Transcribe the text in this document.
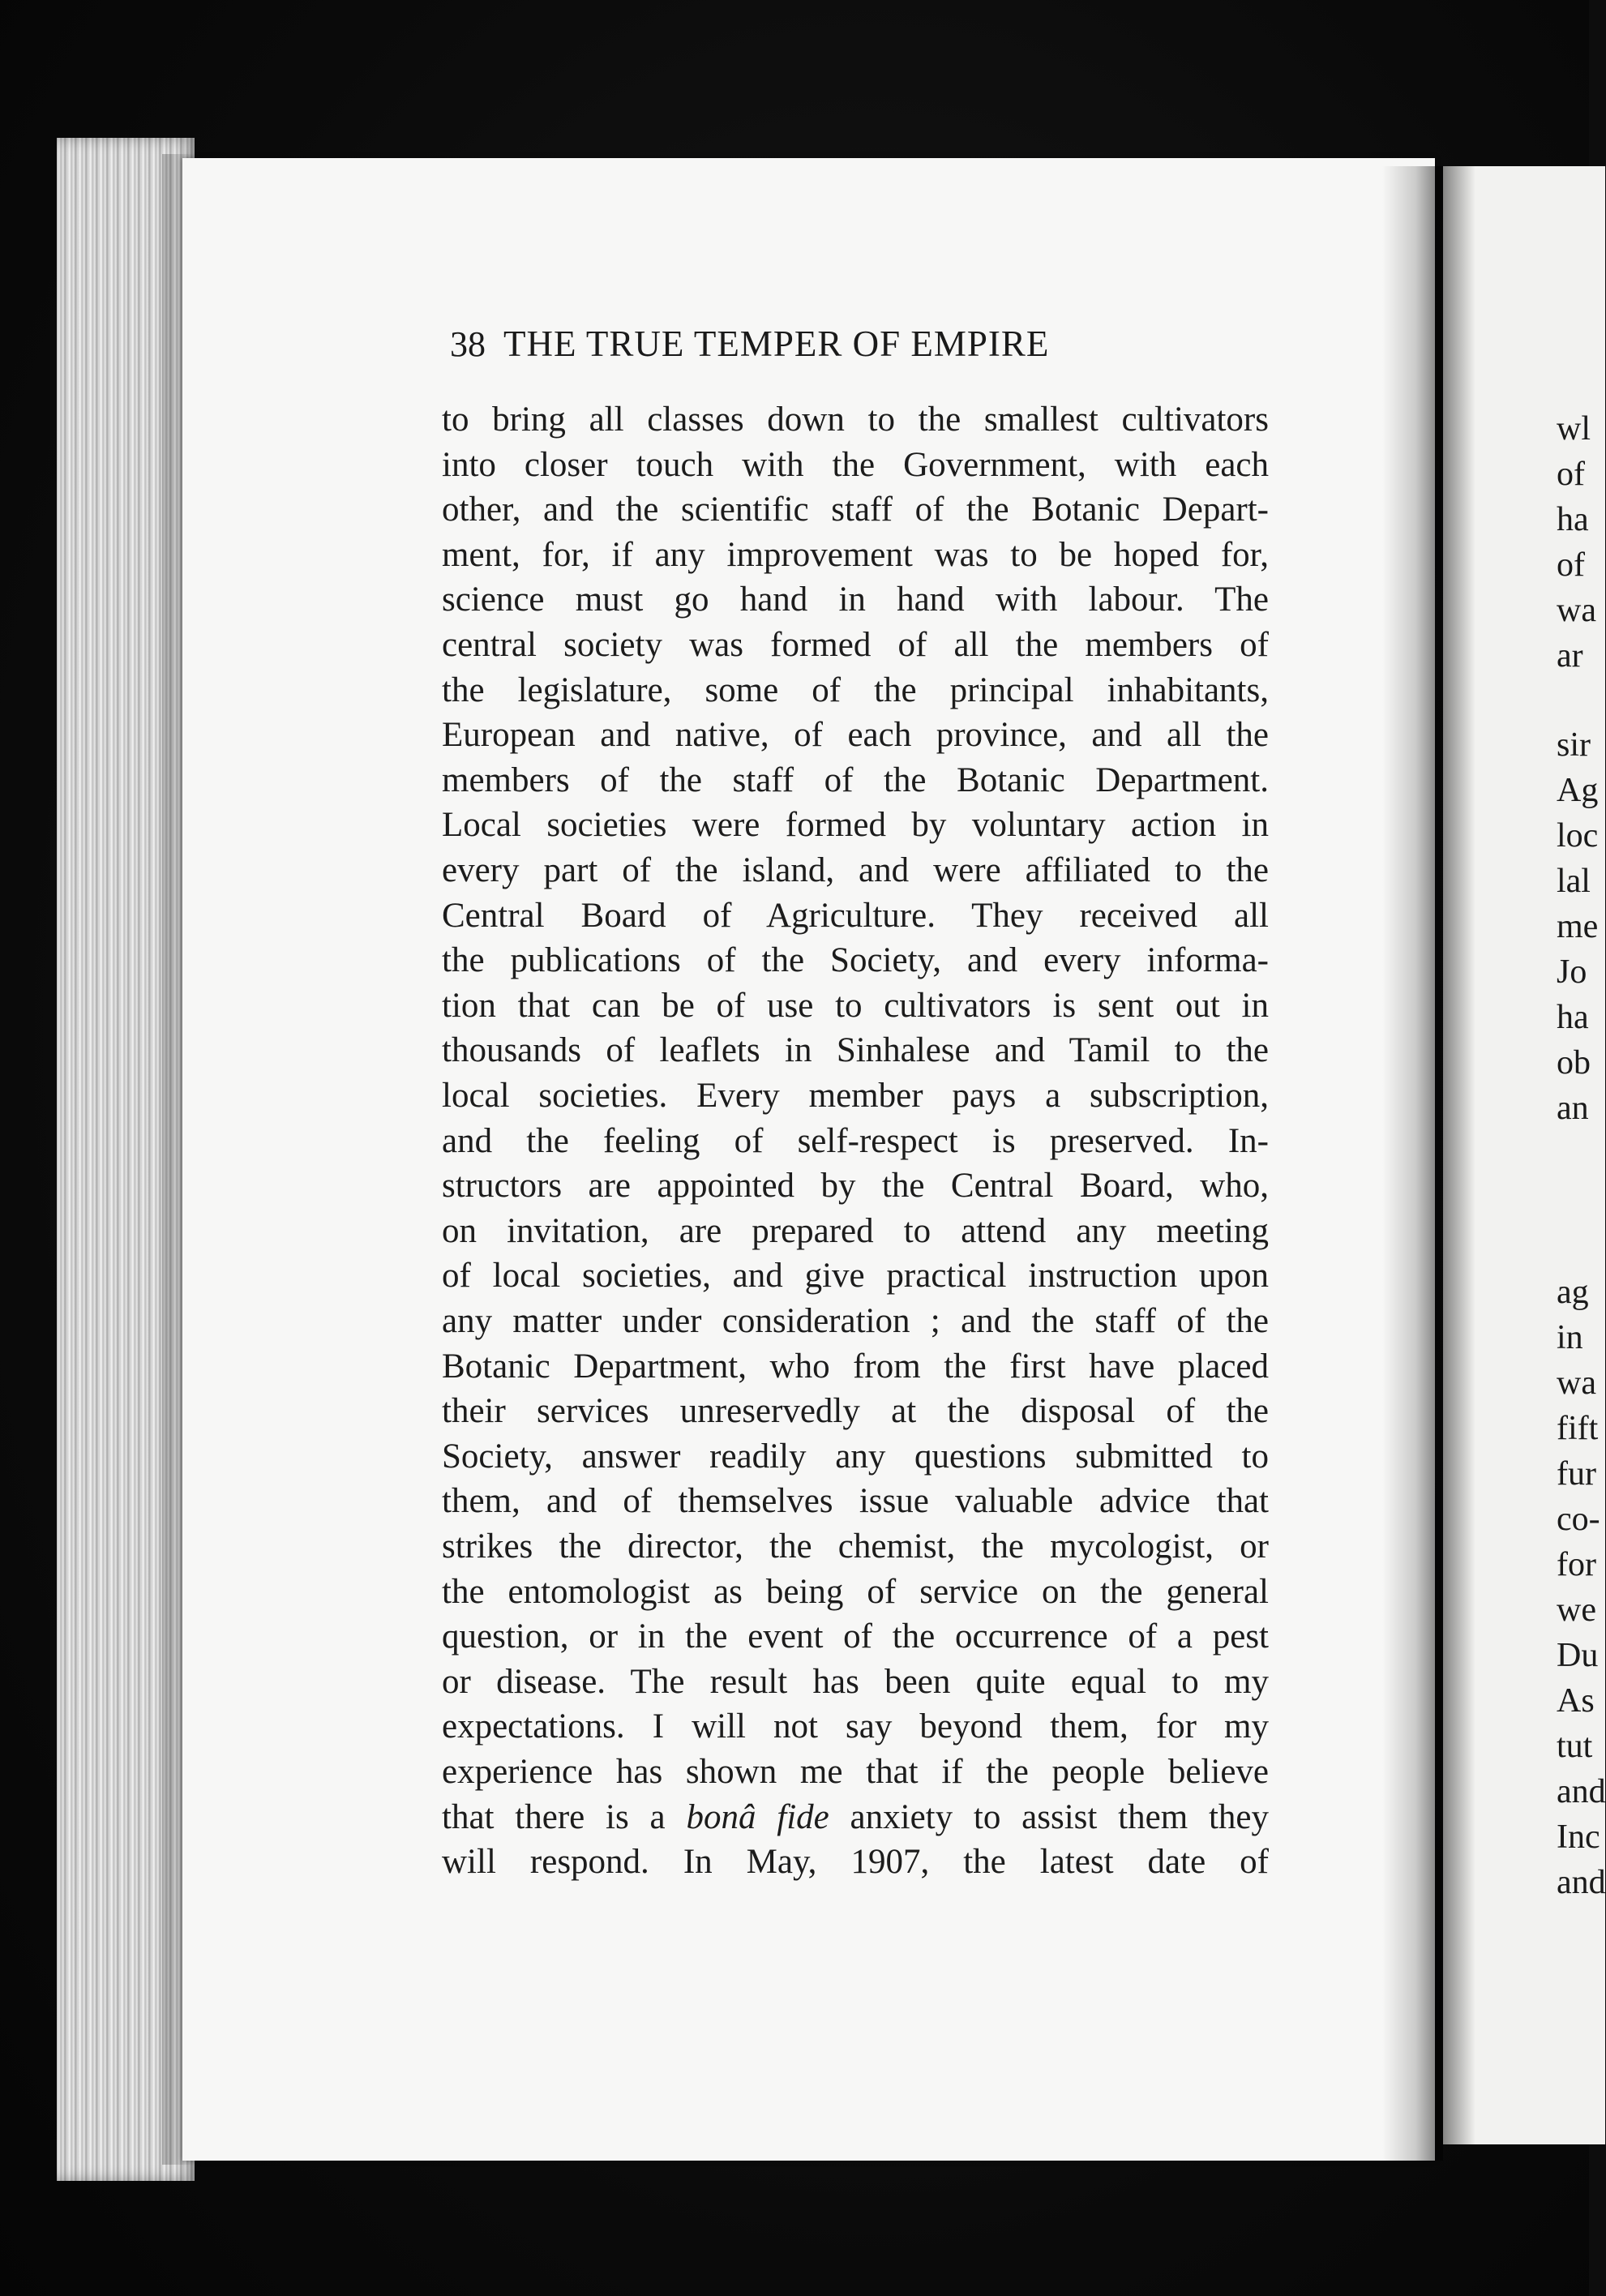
wl
of
ha
of
wa
ar
sir
Ag
loc
lal
me
Jo
ha
ob
an
ag
in
wa
fift
fur
co-
for
we
Du
As
tut
and
Inc
and
38 THE TRUE TEMPER OF EMPIRE
to bring all classes down to the smallest cultivators
into closer touch with the Government, with each
other, and the scientific staff of the Botanic Depart-
ment, for, if any improvement was to be hoped for,
science must go hand in hand with labour. The
central society was formed of all the members of
the legislature, some of the principal inhabitants,
European and native, of each province, and all the
members of the staff of the Botanic Department.
Local societies were formed by voluntary action in
every part of the island, and were affiliated to the
Central Board of Agriculture. They received all
the publications of the Society, and every informa-
tion that can be of use to cultivators is sent out in
thousands of leaflets in Sinhalese and Tamil to the
local societies. Every member pays a subscription,
and the feeling of self-respect is preserved. In-
structors are appointed by the Central Board, who,
on invitation, are prepared to attend any meeting
of local societies, and give practical instruction upon
any matter under consideration ; and the staff of the
Botanic Department, who from the first have placed
their services unreservedly at the disposal of the
Society, answer readily any questions submitted to
them, and of themselves issue valuable advice that
strikes the director, the chemist, the mycologist, or
the entomologist as being of service on the general
question, or in the event of the occurrence of a pest
or disease. The result has been quite equal to my
expectations. I will not say beyond them, for my
experience has shown me that if the people believe
that there is a bonâ fide anxiety to assist them they
will respond. In May, 1907, the latest date of
